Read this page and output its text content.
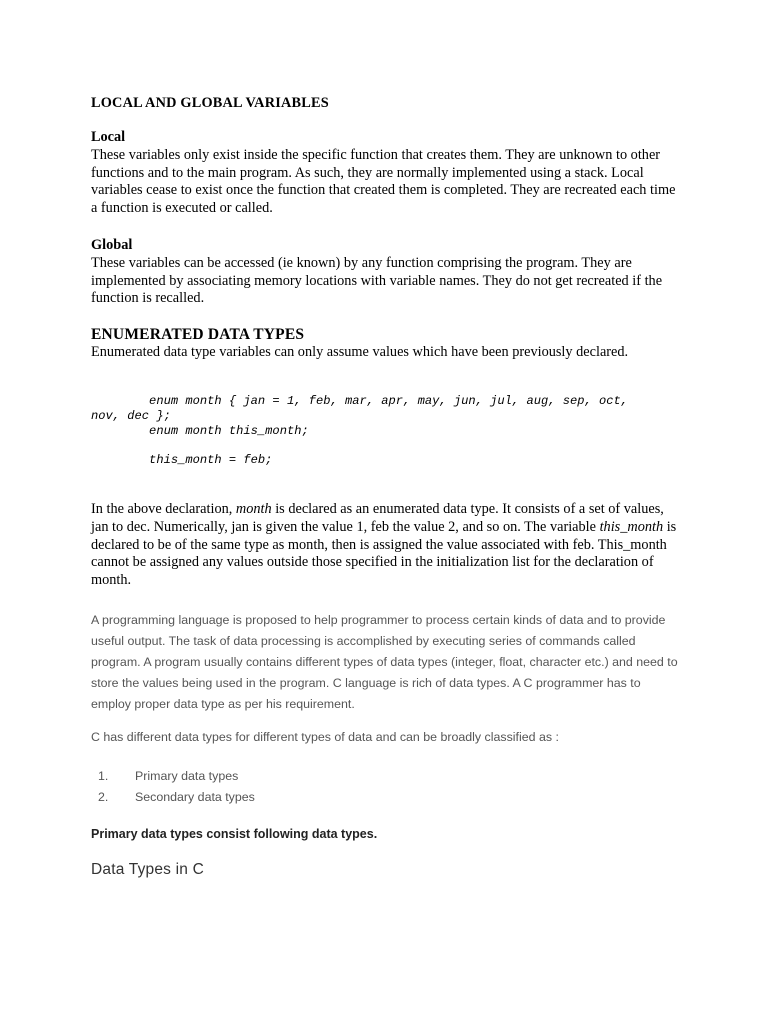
LOCAL AND GLOBAL VARIABLES

Local

These variables only exist inside the specific function that creates them. They are unknown to other functions and to the main program. As such, they are normally implemented using a stack. Local variables cease to exist once the function that created them is completed. They are recreated each time a function is executed or called.

Global

These variables can be accessed (ie known) by any function comprising the program. They are implemented by associating memory locations with variable names. They do not get recreated if the function is recalled.

ENUMERATED DATA TYPES

Enumerated data type variables can only assume values which have been previously declared.

enum month { jan = 1, feb, mar, apr, may, jun, jul, aug, sep, oct,
nov, dec };
enum month this_month;
this_month = feb;

In the above declaration, month is declared as an enumerated data type. It consists of a set of values, jan to dec. Numerically, jan is given the value 1, feb the value 2, and so on. The variable this_month is declared to be of the same type as month, then is assigned the value associated with feb. This_month cannot be assigned any values outside those specified in the initialization list for the declaration of month.

A programming language is proposed to help programmer to process certain kinds of data and to provide useful output. The task of data processing is accomplished by executing series of commands called program. A program usually contains different types of data types (integer, float, character etc.) and need to store the values being used in the program. C language is rich of data types. A C programmer has to employ proper data type as per his requirement.
C has different data types for different types of data and can be broadly classified as :
1.	Primary data types
2.	Secondary data types
Primary data types consist following data types.
Data Types in C
